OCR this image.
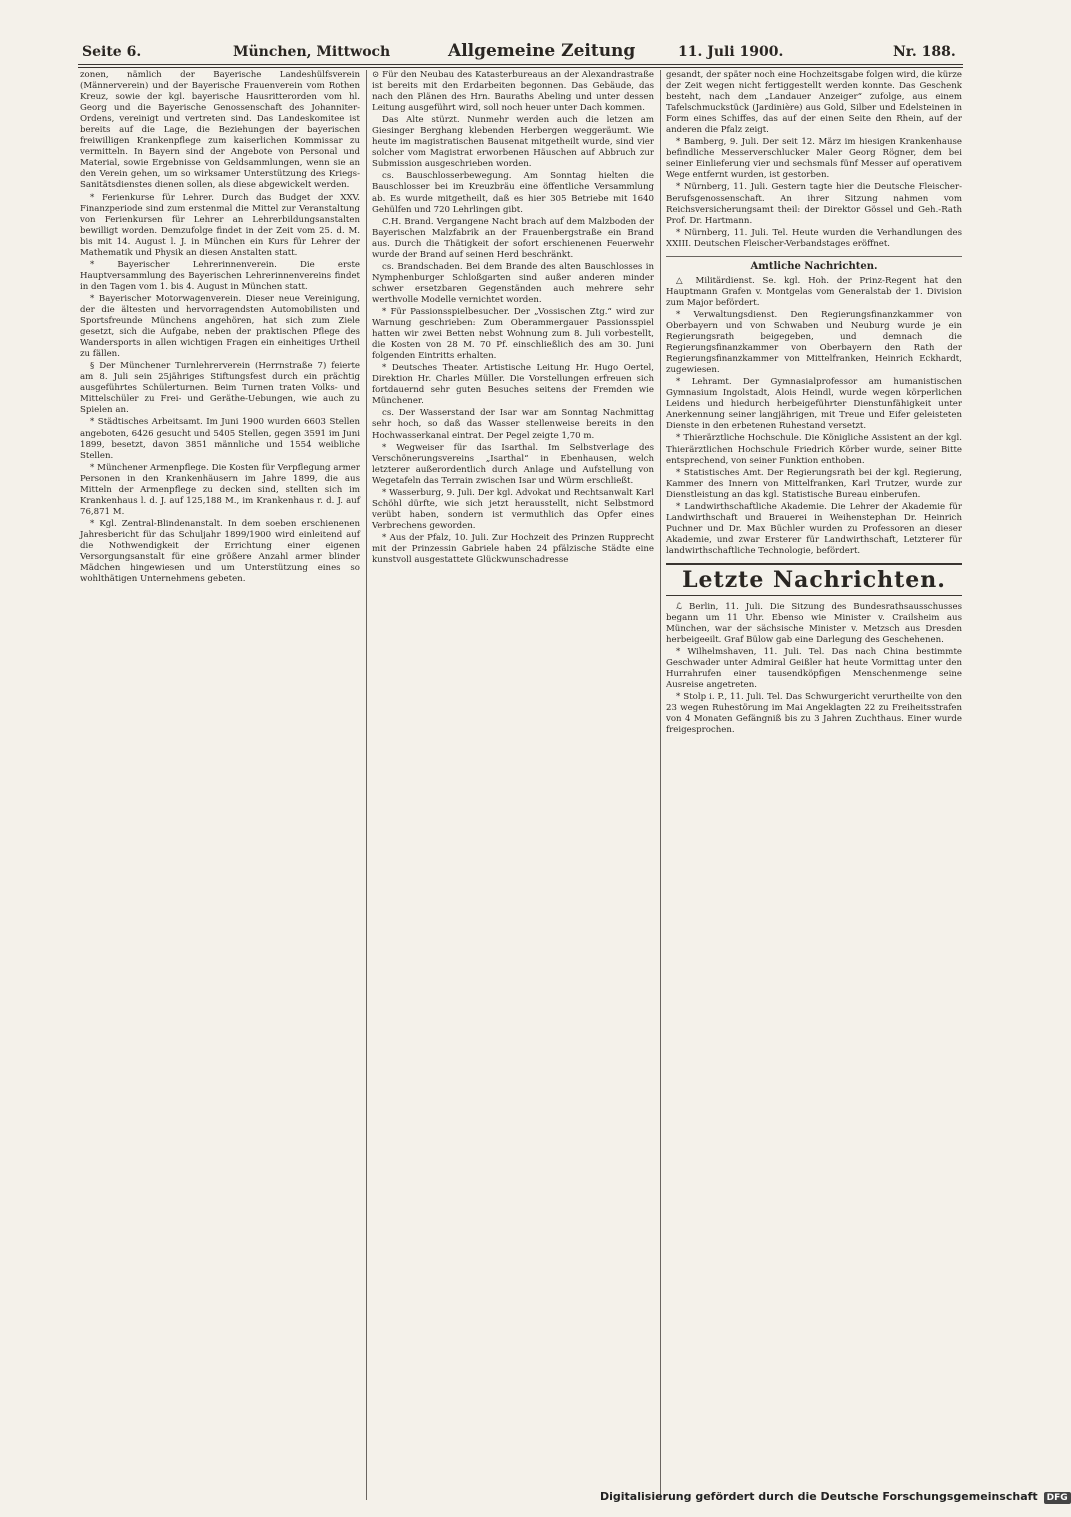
Seite 6.	München, Mittwoch	Allgemeine Zeitung	11. Juli 1900.	Nr. 188.

zonen, nämlich der Bayerische Landeshülfsverein (Männerverein) und der Bayerische Frauenverein vom Rothen Kreuz, sowie der kgl. bayerische Hausritterorden vom hl. Georg und die Bayerische Genossenschaft des Johanniter-Ordens, vereinigt und vertreten sind. Das Landeskomitee ist bereits auf die Lage, die Beziehungen der bayerischen freiwilligen Krankenpflege zum kaiserlichen Kommissar zu vermitteln. In Bayern sind der Angebote von Personal und Material, sowie Ergebnisse von Geldsammlungen, wenn sie an den Verein gehen, um so wirksamer Unterstützung des Kriegs-Sanitätsdienstes dienen sollen, als diese abgewickelt werden.

* Ferienkurse für Lehrer. Durch das Budget der XXV. Finanzperiode sind zum erstenmal die Mittel zur Veranstaltung von Ferienkursen für Lehrer an Lehrerbildungsanstalten bewilligt worden. Demzufolge findet in der Zeit vom 25. d. M. bis mit 14. August l. J. in München ein Kurs für Lehrer der Mathematik und Physik an diesen Anstalten statt.

* Bayerischer Lehrerinnenverein. Die erste Hauptversammlung des Bayerischen Lehrerinnenvereins findet in den Tagen vom 1. bis 4. August in München statt.

* Bayerischer Motorwagenverein. Dieser neue Vereinigung, der die ältesten und hervorragendsten Automobilisten und Sportsfreunde Münchens angehören, hat sich zum Ziele gesetzt, sich die Aufgabe, neben der praktischen Pflege des Wandersports in allen wichtigen Fragen ein einheitiges Urtheil zu fällen.

§ Der Münchener Turnlehrerverein (Herrnstraße 7) feierte am 8. Juli sein 25jähriges Stiftungsfest durch ein prächtig ausgeführtes Schülerturnen. Beim Turnen traten Volks- und Mittelschüler zu Frei- und Geräthe-Uebungen, wie auch zu Spielen an.

* Städtisches Arbeitsamt. Im Juni 1900 wurden 6603 Stellen angeboten, 6426 gesucht und 5405 Stellen, gegen 3591 im Juni 1899, besetzt, davon 3851 männliche und 1554 weibliche Stellen.

* Münchener Armenpflege. Die Kosten für Verpflegung armer Personen in den Krankenhäusern im Jahre 1899, die aus Mitteln der Armenpflege zu decken sind, stellten sich im Krankenhaus l. d. J. auf 125,188 M., im Krankenhaus r. d. J. auf 76,871 M.

* Kgl. Zentral-Blindenanstalt. In dem soeben erschienenen Jahresbericht für das Schuljahr 1899/1900 wird einleitend auf die Nothwendigkeit der Errichtung einer eigenen Versorgungsanstalt für eine größere Anzahl armer blinder Mädchen hingewiesen und um Unterstützung eines so wohlthätigen Unternehmens gebeten.

⊙ Für den Neubau des Katasterbureaus an der Alexandrastraße ist bereits mit den Erdarbeiten begonnen. Das Gebäude, das nach den Plänen des Hrn. Bauraths Abeling und unter dessen Leitung ausgeführt wird, soll noch heuer unter Dach kommen.

Das Alte stürzt. Nunmehr werden auch die letzen am Giesinger Berghang klebenden Herbergen weggeräumt. Wie heute im magistratischen Bausenat mitgetheilt wurde, sind vier solcher vom Magistrat erworbenen Häuschen auf Abbruch zur Submission ausgeschrieben worden.

cs. Bauschlosserbewegung. Am Sonntag hielten die Bauschlosser bei im Kreuzbräu eine öffentliche Versammlung ab. Es wurde mitgetheilt, daß es hier 305 Betriebe mit 1640 Gehülfen und 720 Lehrlingen gibt.

C.H. Brand. Vergangene Nacht brach auf dem Malzboden der Bayerischen Malzfabrik an der Frauenbergstraße ein Brand aus. Durch die Thätigkeit der sofort erschienenen Feuerwehr wurde der Brand auf seinen Herd beschränkt.

cs. Brandschaden. Bei dem Brande des alten Bauschlosses in Nymphenburger Schloßgarten sind außer anderen minder schwer ersetzbaren Gegenständen auch mehrere sehr werthvolle Modelle vernichtet worden.

* Für Passionsspielbesucher. Der „Vossischen Ztg.“ wird zur Warnung geschrieben: Zum Oberammergauer Passionsspiel hatten wir zwei Betten nebst Wohnung zum 8. Juli vorbestellt, die Kosten von 28 M. 70 Pf. einschließlich des am 30. Juni folgenden Eintritts erhalten.

* Deutsches Theater. Artistische Leitung Hr. Hugo Oertel, Direktion Hr. Charles Müller. Die Vorstellungen erfreuen sich fortdauernd sehr guten Besuches seitens der Fremden wie Münchener.

cs. Der Wasserstand der Isar war am Sonntag Nachmittag sehr hoch, so daß das Wasser stellenweise bereits in den Hochwasserkanal eintrat. Der Pegel zeigte 1,70 m.

* Wegweiser für das Isarthal. Im Selbstverlage des Verschönerungsvereins „Isarthal“ in Ebenhausen, welch letzterer außerordentlich durch Anlage und Aufstellung von Wegetafeln das Terrain zwischen Isar und Würm erschließt.

* Wasserburg, 9. Juli. Der kgl. Advokat und Rechtsanwalt Karl Schöhl dürfte, wie sich jetzt herausstellt, nicht Selbstmord verübt haben, sondern ist vermuthlich das Opfer eines Verbrechens geworden.

* Aus der Pfalz, 10. Juli. Zur Hochzeit des Prinzen Rupprecht mit der Prinzessin Gabriele haben 24 pfälzische Städte eine kunstvoll ausgestattete Glückwunschadresse

gesandt, der später noch eine Hochzeitsgabe folgen wird, die kürze der Zeit wegen nicht fertiggestellt werden konnte. Das Geschenk besteht, nach dem „Landauer Anzeiger“ zufolge, aus einem Tafelschmuckstück (Jardinière) aus Gold, Silber und Edelsteinen in Form eines Schiffes, das auf der einen Seite den Rhein, auf der anderen die Pfalz zeigt.

* Bamberg, 9. Juli. Der seit 12. März im hiesigen Krankenhause befindliche Messerverschlucker Maler Georg Rögner, dem bei seiner Einlieferung vier und sechsmals fünf Messer auf operativem Wege entfernt wurden, ist gestorben.

* Nürnberg, 11. Juli. Gestern tagte hier die Deutsche Fleischer-Berufsgenossenschaft. An ihrer Sitzung nahmen vom Reichsversicherungsamt theil: der Direktor Gössel und Geh.-Rath Prof. Dr. Hartmann.

* Nürnberg, 11. Juli. Tel. Heute wurden die Verhandlungen des XXIII. Deutschen Fleischer-Verbandstages eröffnet.

Amtliche Nachrichten.

△ Militärdienst. Se. kgl. Hoh. der Prinz-Regent hat den Hauptmann Grafen v. Montgelas vom Generalstab der 1. Division zum Major befördert.

* Verwaltungsdienst. Den Regierungsfinanzkammer von Oberbayern und von Schwaben und Neuburg wurde je ein Regierungsrath beigegeben, und demnach die Regierungsfinanzkammer von Oberbayern den Rath der Regierungsfinanzkammer von Mittelfranken, Heinrich Eckhardt, zugewiesen.

* Lehramt. Der Gymnasialprofessor am humanistischen Gymnasium Ingolstadt, Alois Heindl, wurde wegen körperlichen Leidens und hiedurch herbeigeführter Dienstunfähigkeit unter Anerkennung seiner langjährigen, mit Treue und Eifer geleisteten Dienste in den erbetenen Ruhestand versetzt.

* Thierärztliche Hochschule. Die Königliche Assistent an der kgl. Thierärztlichen Hochschule Friedrich Körber wurde, seiner Bitte entsprechend, von seiner Funktion enthoben.

* Statistisches Amt. Der Regierungsrath bei der kgl. Regierung, Kammer des Innern von Mittelfranken, Karl Trutzer, wurde zur Dienstleistung an das kgl. Statistische Bureau einberufen.

* Landwirthschaftliche Akademie. Die Lehrer der Akademie für Landwirthschaft und Brauerei in Weihenstephan Dr. Heinrich Puchner und Dr. Max Büchler wurden zu Professoren an dieser Akademie, und zwar Ersterer für Landwirthschaft, Letzterer für landwirthschaftliche Technologie, befördert.

Letzte Nachrichten.

ℒ Berlin, 11. Juli. Die Sitzung des Bundesrathsausschusses begann um 11 Uhr. Ebenso wie Minister v. Crailsheim aus München, war der sächsische Minister v. Metzsch aus Dresden herbeigeeilt. Graf Bülow gab eine Darlegung des Geschehenen.

* Wilhelmshaven, 11. Juli. Tel. Das nach China bestimmte Geschwader unter Admiral Geißler hat heute Vormittag unter den Hurrahrufen einer tausendköpfigen Menschenmenge seine Ausreise angetreten.

* Stolp i. P., 11. Juli. Tel. Das Schwurgericht verurtheilte von den 23 wegen Ruhestörung im Mai Angeklagten 22 zu Freiheitsstrafen von 4 Monaten Gefängniß bis zu 3 Jahren Zuchthaus. Einer wurde freigesprochen.

Digitalisierung gefördert durch die Deutsche Forschungsgemeinschaft DFG
